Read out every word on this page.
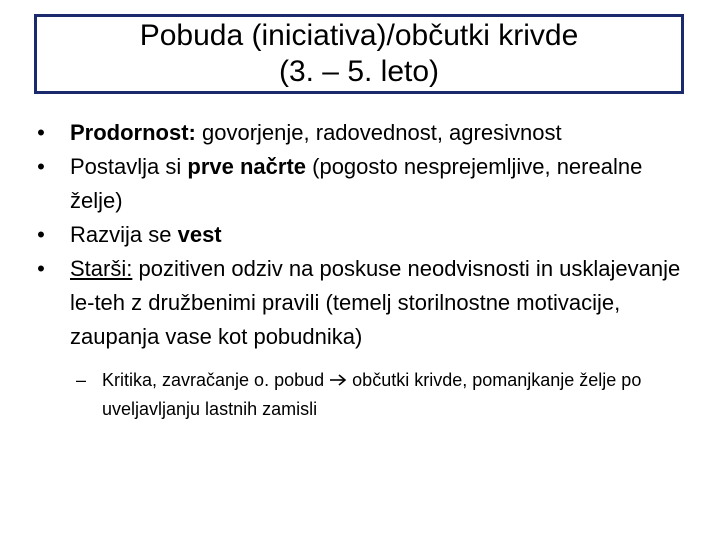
Pobuda (iniciativa)/občutki krivde
(3. – 5. leto)
•	Prodornost: govorjenje, radovednost, agresivnost
•	Postavlja si prve načrte (pogosto nesprejemljive, nerealne želje)
•	Razvija se vest
•	Starši: pozitiven odziv na poskuse neodvisnosti in usklajevanje le-teh z družbenimi pravili (temelj storilnostne motivacije, zaupanja vase kot pobudnika)
– Kritika, zavračanje o. pobud občutki krivde, pomanjkanje želje po uveljavljanju lastnih zamisli
